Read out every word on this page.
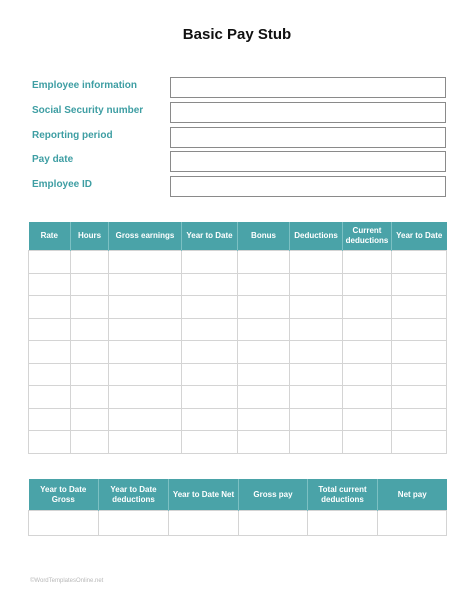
Basic Pay Stub
Employee information
Social Security number
Reporting period
Pay date
Employee ID
Rate	Hours	Gross earnings	Year to Date	Bonus	Deductions	Current deductions	Year to Date

Year to Date Gross	Year to Date deductions	Year to Date Net	Gross pay	Total current deductions	Net pay

©WordTemplatesOnline.net
